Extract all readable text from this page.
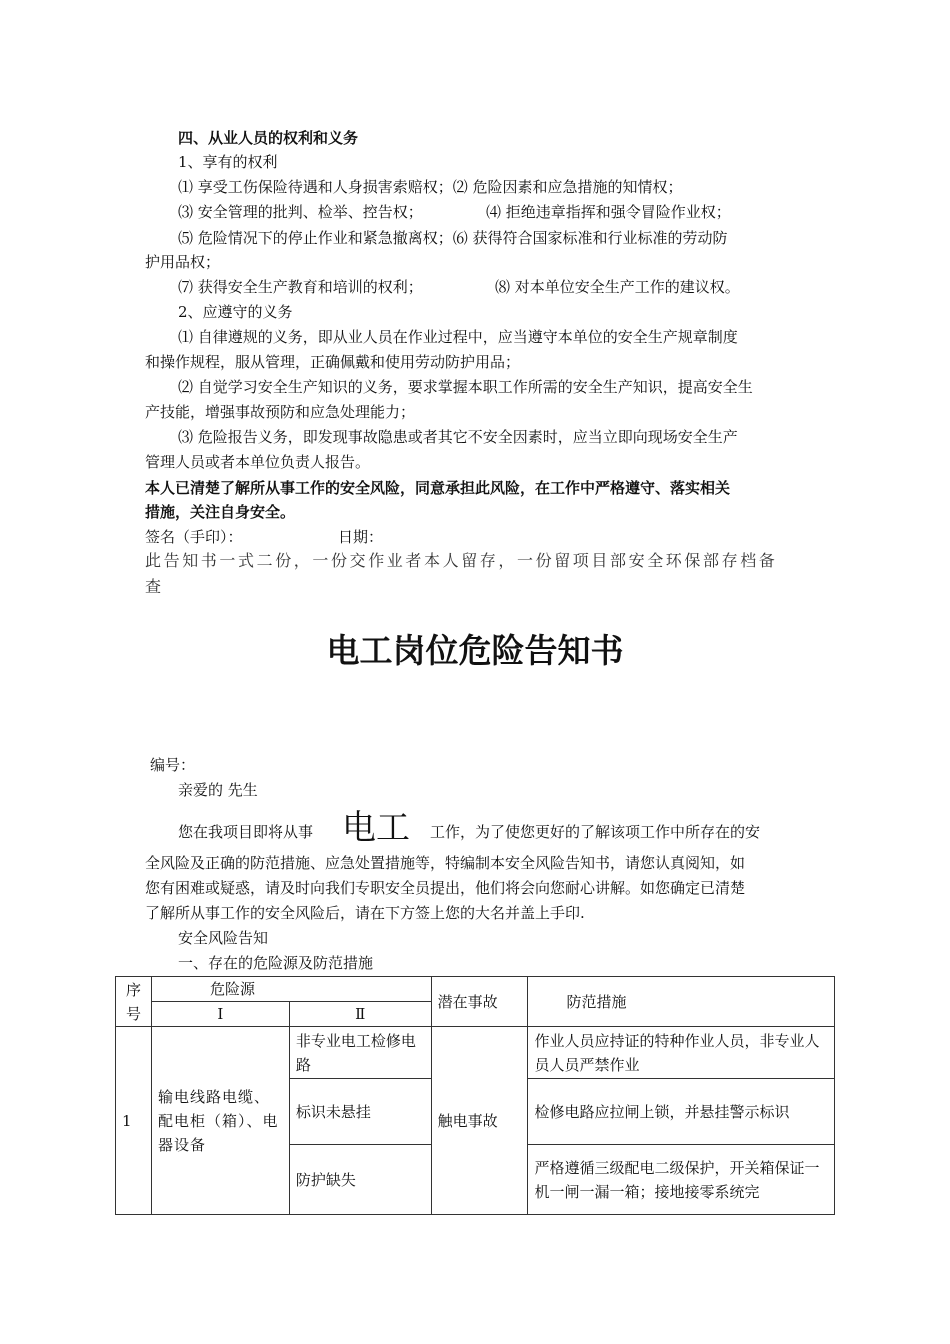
四、从业人员的权利和义务
1、享有的权利
⑴ 享受工伤保险待遇和人身损害索赔权；⑵ 危险因素和应急措施的知情权；
⑶ 安全管理的批判、检举、控告权；	⑷ 拒绝违章指挥和强令冒险作业权；
⑸ 危险情况下的停止作业和紧急撤离权；⑹ 获得符合国家标准和行业标准的劳动防
护用品权；
⑺ 获得安全生产教育和培训的权利；	⑻ 对本单位安全生产工作的建议权。
2、应遵守的义务
⑴ 自律遵规的义务，即从业人员在作业过程中，应当遵守本单位的安全生产规章制度
和操作规程，服从管理，正确佩戴和使用劳动防护用品；
⑵ 自觉学习安全生产知识的义务，要求掌握本职工作所需的安全生产知识，提高安全生
产技能，增强事故预防和应急处理能力；
⑶ 危险报告义务，即发现事故隐患或者其它不安全因素时，应当立即向现场安全生产
管理人员或者本单位负责人报告。
本人已清楚了解所从事工作的安全风险，同意承担此风险，在工作中严格遵守、落实相关
措施，关注自身安全。
签名（手印）：	日期：
此告知书一式二份，一份交作业者本人留存，一份留项目部安全环保部存档备
查
电工岗位危险告知书
编号：
亲爱的 先生
您在我项目即将从事 电工 工作，为了使您更好的了解该项工作中所存在的安
全风险及正确的防范措施、应急处置措施等，特编制本安全风险告知书，请您认真阅知，如
您有困难或疑惑，请及时向我们专职安全员提出，他们将会向您耐心讲解。如您确定已清楚
了解所从事工作的安全风险后，请在下方签上您的大名并盖上手印.
安全风险告知
一、存在的危险源及防范措施
序号	危险源		潜在事故	防范措施
	Ⅰ	Ⅱ		
1	输电线路电缆、配电柜（箱）、电器设备	非专业电工检修电路	触电事故	作业人员应持证的特种作业人员，非专业人员人员严禁作业
		标识未悬挂		检修电路应拉闸上锁，并悬挂警示标识
		防护缺失		严格遵循三级配电二级保护，开关箱保证一机一闸一漏一箱；接地接零系统完
